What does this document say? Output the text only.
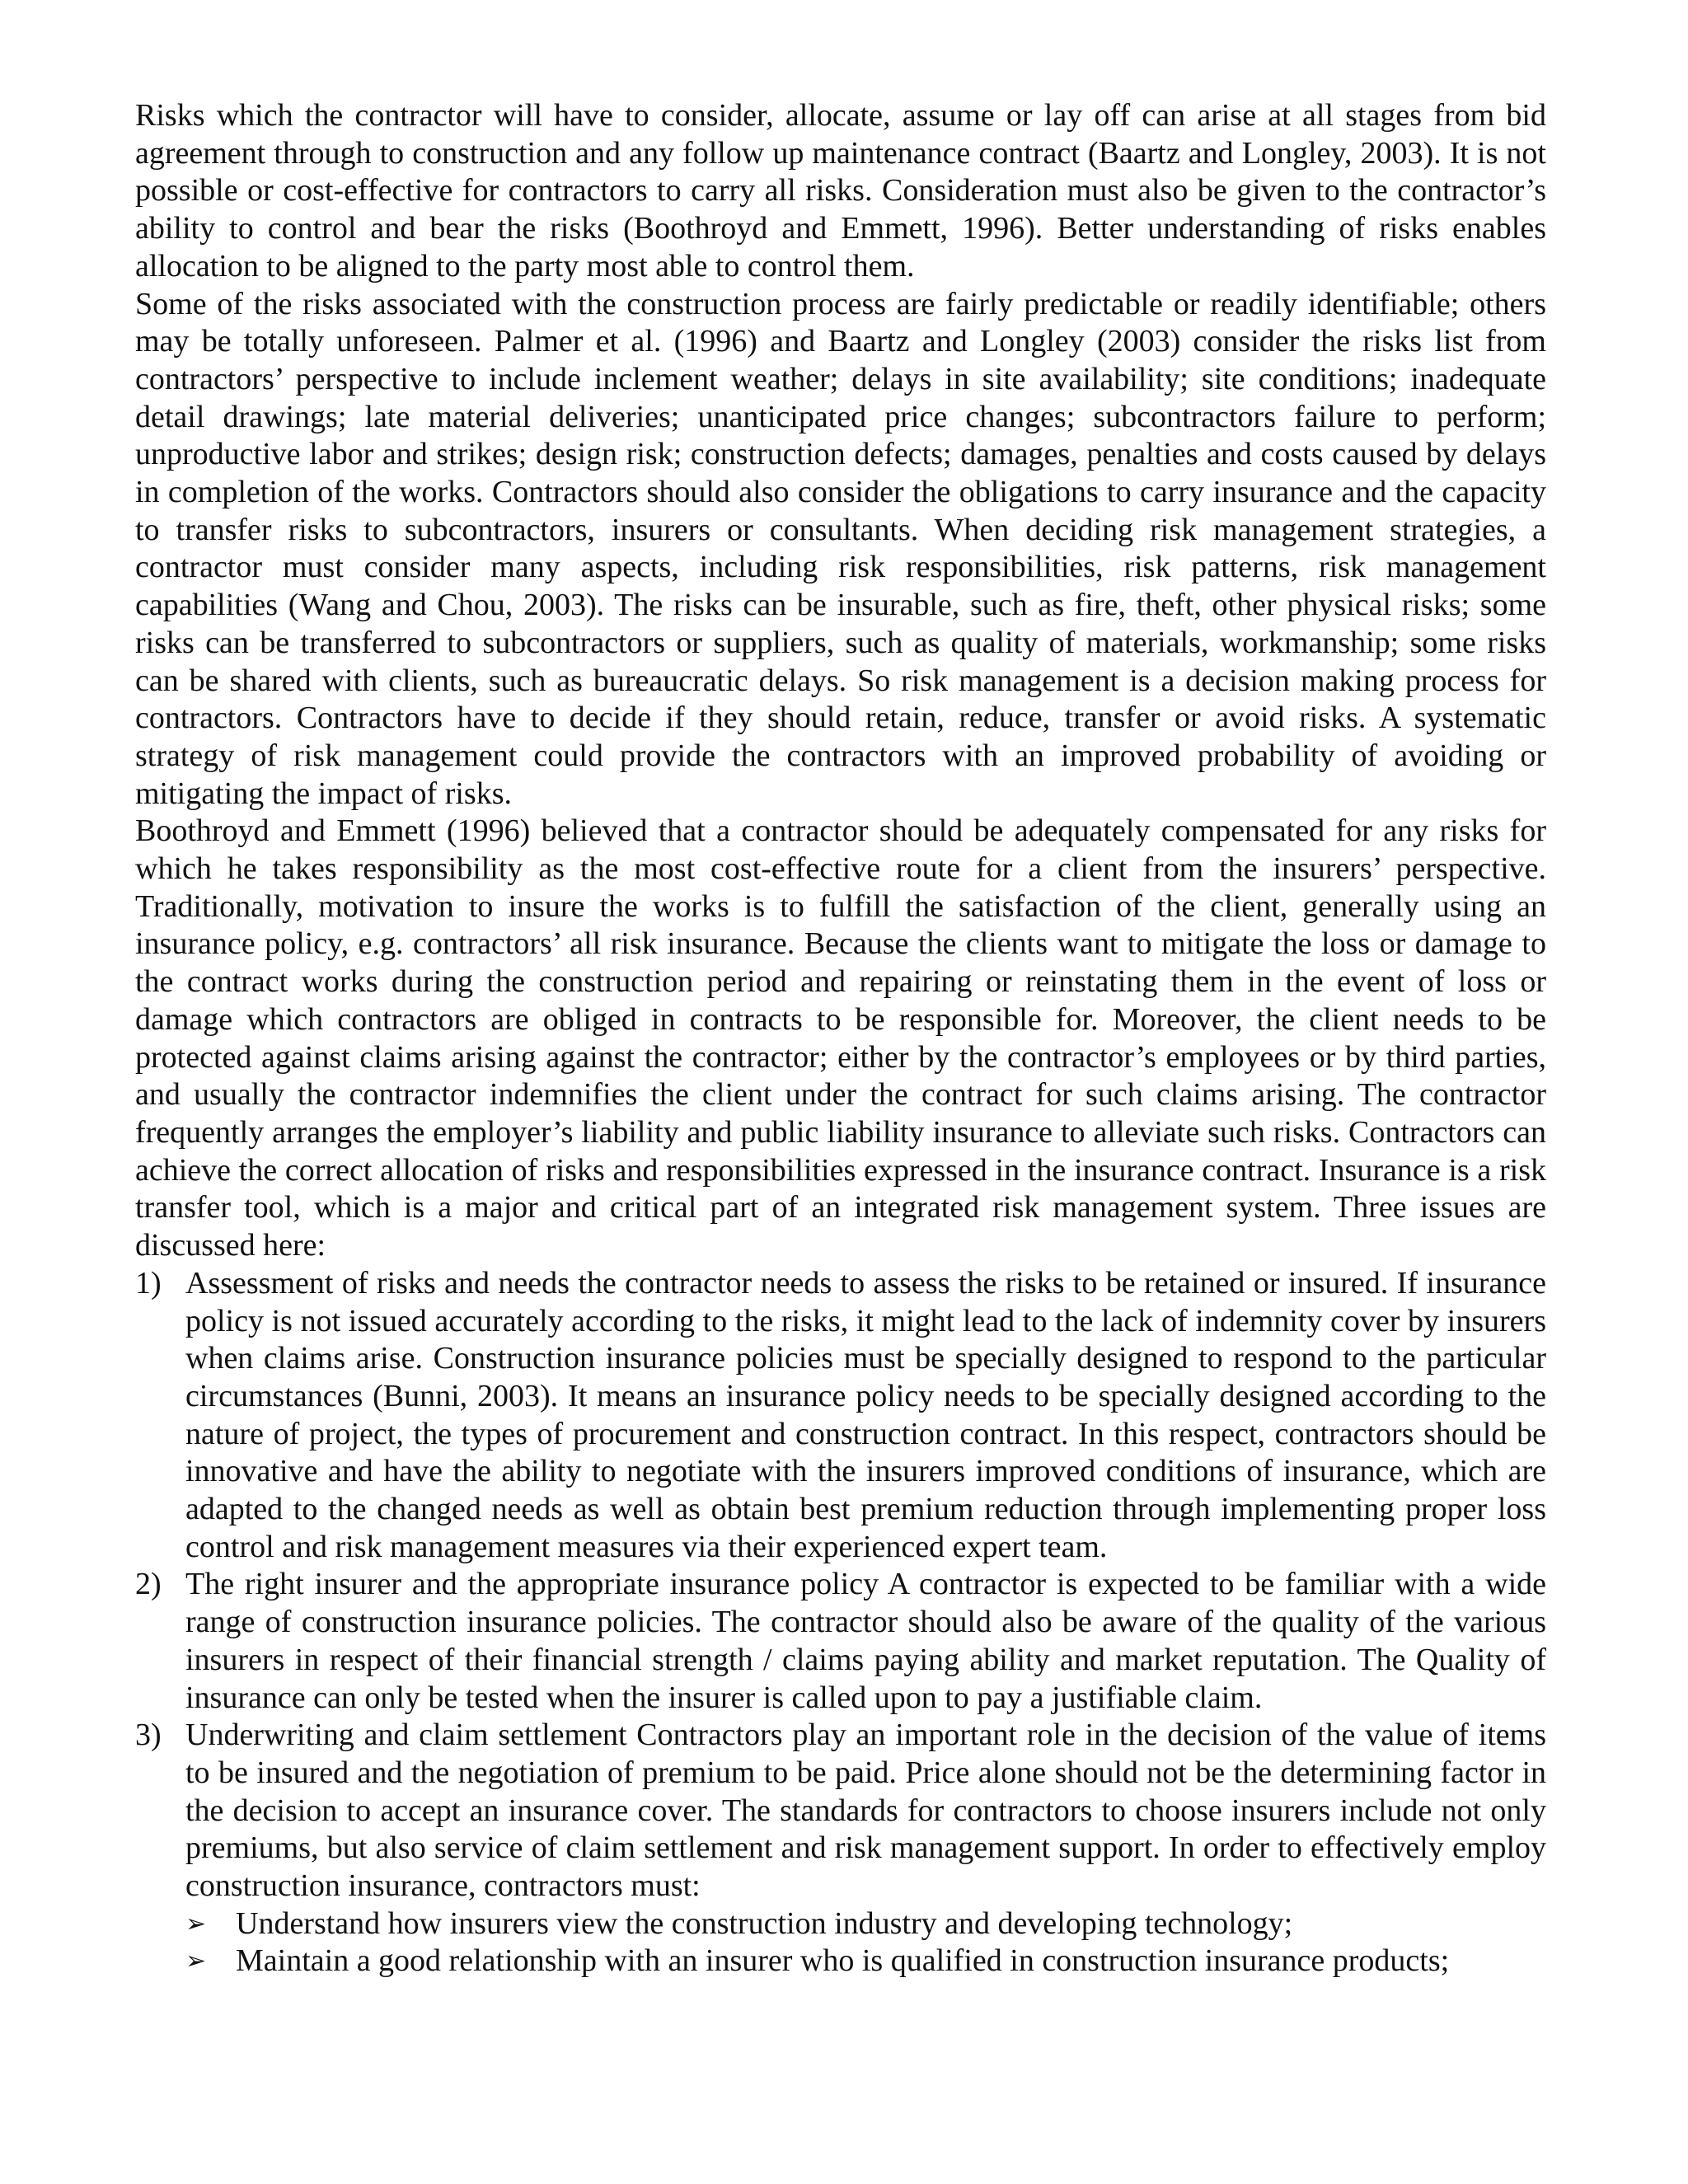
Risks which the contractor will have to consider, allocate, assume or lay off can arise at all stages from bid agreement through to construction and any follow up maintenance contract (Baartz and Longley, 2003). It is not possible or cost-effective for contractors to carry all risks. Consideration must also be given to the contractor’s ability to control and bear the risks (Boothroyd and Emmett, 1996). Better understanding of risks enables allocation to be aligned to the party most able to control them.

Some of the risks associated with the construction process are fairly predictable or readily identifiable; others may be totally unforeseen. Palmer et al. (1996) and Baartz and Longley (2003) consider the risks list from contractors’ perspective to include inclement weather; delays in site availability; site conditions; inadequate detail drawings; late material deliveries; unanticipated price changes; subcontractors failure to perform; unproductive labor and strikes; design risk; construction defects; damages, penalties and costs caused by delays in completion of the works. Contractors should also consider the obligations to carry insurance and the capacity to transfer risks to subcontractors, insurers or consultants. When deciding risk management strategies, a contractor must consider many aspects, including risk responsibilities, risk patterns, risk management capabilities (Wang and Chou, 2003). The risks can be insurable, such as fire, theft, other physical risks; some risks can be transferred to subcontractors or suppliers, such as quality of materials, workmanship; some risks can be shared with clients, such as bureaucratic delays. So risk management is a decision making process for contractors. Contractors have to decide if they should retain, reduce, transfer or avoid risks. A systematic strategy of risk management could provide the contractors with an improved probability of avoiding or mitigating the impact of risks.

Boothroyd and Emmett (1996) believed that a contractor should be adequately compensated for any risks for which he takes responsibility as the most cost-effective route for a client from the insurers’ perspective. Traditionally, motivation to insure the works is to fulfill the satisfaction of the client, generally using an insurance policy, e.g. contractors’ all risk insurance. Because the clients want to mitigate the loss or damage to the contract works during the construction period and repairing or reinstating them in the event of loss or damage which contractors are obliged in contracts to be responsible for. Moreover, the client needs to be protected against claims arising against the contractor; either by the contractor’s employees or by third parties, and usually the contractor indemnifies the client under the contract for such claims arising. The contractor frequently arranges the employer’s liability and public liability insurance to alleviate such risks. Contractors can achieve the correct allocation of risks and responsibilities expressed in the insurance contract. Insurance is a risk transfer tool, which is a major and critical part of an integrated risk management system. Three issues are discussed here:

1) Assessment of risks and needs the contractor needs to assess the risks to be retained or insured. If insurance policy is not issued accurately according to the risks, it might lead to the lack of indemnity cover by insurers when claims arise. Construction insurance policies must be specially designed to respond to the particular circumstances (Bunni, 2003). It means an insurance policy needs to be specially designed according to the nature of project, the types of procurement and construction contract. In this respect, contractors should be innovative and have the ability to negotiate with the insurers improved conditions of insurance, which are adapted to the changed needs as well as obtain best premium reduction through implementing proper loss control and risk management measures via their experienced expert team.
2) The right insurer and the appropriate insurance policy A contractor is expected to be familiar with a wide range of construction insurance policies. The contractor should also be aware of the quality of the various insurers in respect of their financial strength / claims paying ability and market reputation. The Quality of insurance can only be tested when the insurer is called upon to pay a justifiable claim.
3) Underwriting and claim settlement Contractors play an important role in the decision of the value of items to be insured and the negotiation of premium to be paid. Price alone should not be the determining factor in the decision to accept an insurance cover. The standards for contractors to choose insurers include not only premiums, but also service of claim settlement and risk management support. In order to effectively employ construction insurance, contractors must:
➢ Understand how insurers view the construction industry and developing technology;
➢ Maintain a good relationship with an insurer who is qualified in construction insurance products;
